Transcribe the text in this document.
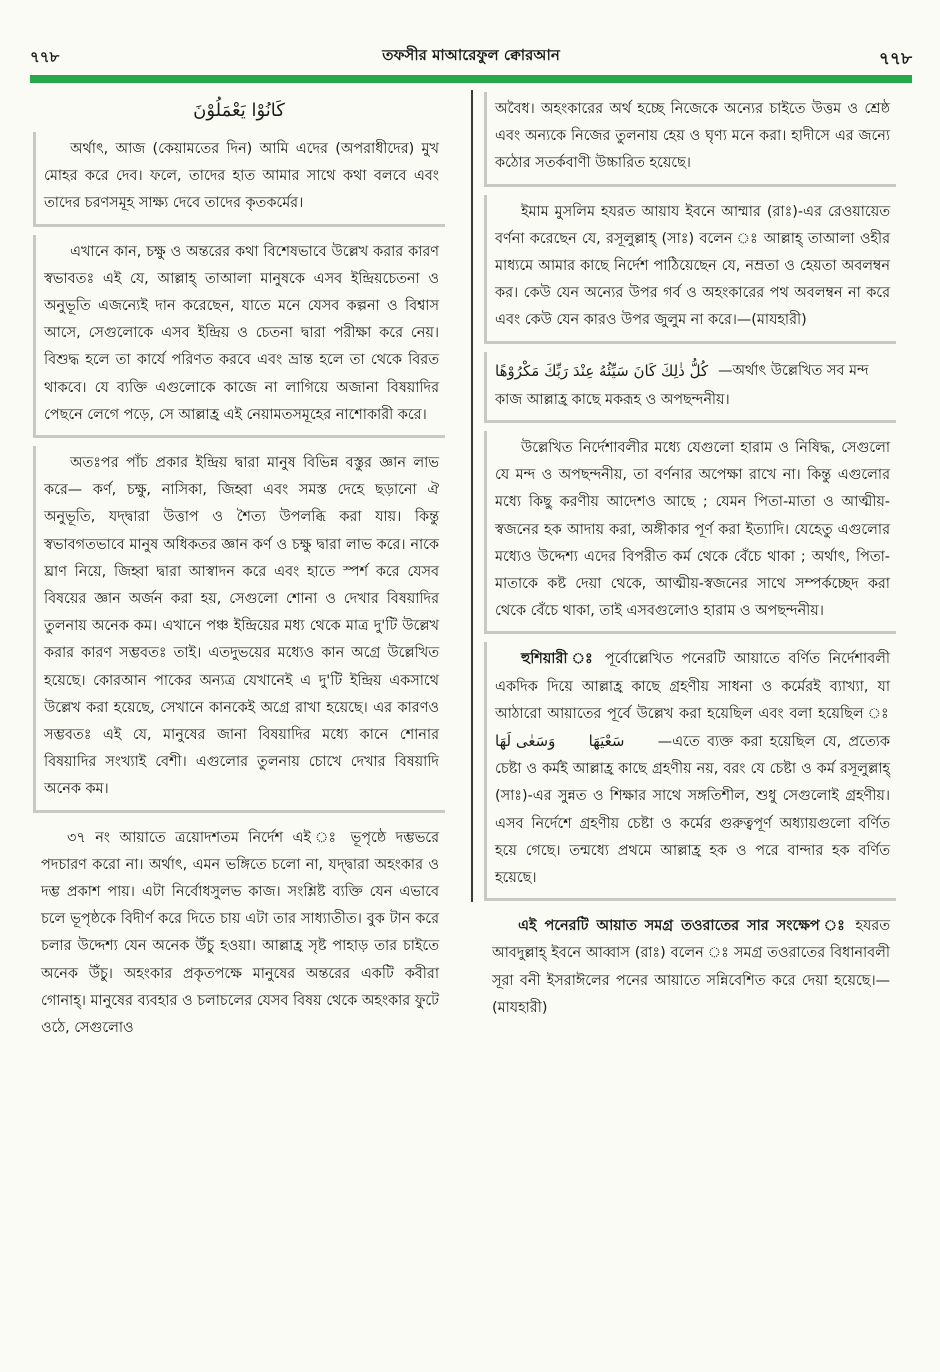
৭৭৮	তফসীর মাআরেফুল ক্বোরআন	৭৭৮
كَانُوْا يَعْمَلُوْنَ

অর্থাৎ, আজ (কেয়ামতের দিন) আমি এদের (অপরাধীদের) মুখ মোহর করে দেব। ফলে, তাদের হাত আমার সাথে কথা বলবে এবং তাদের চরণসমূহ সাক্ষ্য দেবে তাদের কৃতকর্মের।

এখানে কান, চক্ষু ও অন্তরের কথা বিশেষভাবে উল্লেখ করার কারণ স্বভাবতঃ এই যে, আল্লাহ্ তাআলা মানুষকে এসব ইন্দ্রিয়চেতনা ও অনুভূতি এজন্যেই দান করেছেন, যাতে মনে যেসব কল্পনা ও বিশ্বাস আসে, সেগুলোকে এসব ইন্দ্রিয় ও চেতনা দ্বারা পরীক্ষা করে নেয়। বিশুদ্ধ হলে তা কার্যে পরিণত করবে এবং ভ্রান্ত হলে তা থেকে বিরত থাকবে। যে ব্যক্তি এগুলোকে কাজে না লাগিয়ে অজানা বিষয়াদির পেছনে লেগে পড়ে, সে আল্লাহ্র এই নেয়ামতসমূহের নাশোকারী করে।

অতঃপর পাঁচ প্রকার ইন্দ্রিয় দ্বারা মানুষ বিভিন্ন বস্তুর জ্ঞান লাভ করে— কর্ণ, চক্ষু, নাসিকা, জিহ্বা এবং সমস্ত দেহে ছড়ানো ঐ অনুভূতি, যদ্দ্বারা উত্তাপ ও শৈত্য উপলব্ধি করা যায়। কিন্তু স্বভাবগতভাবে মানুষ অধিকতর জ্ঞান কর্ণ ও চক্ষু দ্বারা লাভ করে। নাকে ঘ্রাণ নিয়ে, জিহ্বা দ্বারা আস্বাদন করে এবং হাতে স্পর্শ করে যেসব বিষয়ের জ্ঞান অর্জন করা হয়, সেগুলো শোনা ও দেখার বিষয়াদির তুলনায় অনেক কম। এখানে পঞ্চ ইন্দ্রিয়ের মধ্য থেকে মাত্র দু'টি উল্লেখ করার কারণ সম্ভবতঃ তাই। এতদুভয়ের মধ্যেও কান অগ্রে উল্লেখিত হয়েছে। কোরআন পাকের অন্যত্র যেখানেই এ দু'টি ইন্দ্রিয় একসাথে উল্লেখ করা হয়েছে, সেখানে কানকেই অগ্রে রাখা হয়েছে। এর কারণও সম্ভবতঃ এই যে, মানুষের জানা বিষয়াদির মধ্যে কানে শোনার বিষয়াদির সংখ্যাই বেশী। এগুলোর তুলনায় চোখে দেখার বিষয়াদি অনেক কম।

৩৭ নং আয়াতে ত্রয়োদশতম নির্দেশ এই ঃ ভূপৃষ্ঠে দম্ভভরে পদচারণ করো না। অর্থাৎ, এমন ভঙ্গিতে চলো না, যদ্দ্বারা অহংকার ও দম্ভ প্রকাশ পায়। এটা নির্বোধসুলভ কাজ। সংশ্লিষ্ট ব্যক্তি যেন এভাবে চলে ভূপৃষ্ঠকে বিদীর্ণ করে দিতে চায় এটা তার সাধ্যাতীত। বুক টান করে চলার উদ্দেশ্য যেন অনেক উঁচু হওয়া। আল্লাহ্র সৃষ্ট পাহাড় তার চাইতে অনেক উঁচু। অহংকার প্রকৃতপক্ষে মানুষের অন্তরের একটি কবীরা গোনাহ্। মানুষের ব্যবহার ও চলাচলের যেসব বিষয় থেকে অহংকার ফুটে ওঠে, সেগুলোও

অবৈধ। অহংকারের অর্থ হচ্ছে নিজেকে অন্যের চাইতে উত্তম ও শ্রেষ্ঠ এবং অন্যকে নিজের তুলনায় হেয় ও ঘৃণ্য মনে করা। হাদীসে এর জন্যে কঠোর সতর্কবাণী উচ্চারিত হয়েছে।

ইমাম মুসলিম হযরত আয়ায ইবনে আম্মার (রাঃ)-এর রেওয়ায়েত বর্ণনা করেছেন যে, রসূলুল্লাহ্ (সাঃ) বলেন ঃ আল্লাহ্ তাআলা ওহীর মাধ্যমে আমার কাছে নির্দেশ পাঠিয়েছেন যে, নম্রতা ও হেয়তা অবলম্বন কর। কেউ যেন অন্যের উপর গর্ব ও অহংকারের পথ অবলম্বন না করে এবং কেউ যেন কারও উপর জুলুম না করে।—(মাযহারী)

كُلُّ ذٰلِكَ كَانَ سَيِّئُهُ عِنْدَ رَبِّكَ مَكْرُوْهًا —অর্থাৎ উল্লেখিত সব মন্দ

কাজ আল্লাহ্র কাছে মকরূহ ও অপছন্দনীয়।

উল্লেখিত নির্দেশাবলীর মধ্যে যেগুলো হারাম ও নিষিদ্ধ, সেগুলো যে মন্দ ও অপছন্দনীয়, তা বর্ণনার অপেক্ষা রাখে না। কিন্তু এগুলোর মধ্যে কিছু করণীয় আদেশও আছে ; যেমন পিতা-মাতা ও আত্মীয়-স্বজনের হক আদায় করা, অঙ্গীকার পূর্ণ করা ইত্যাদি। যেহেতু এগুলোর মধ্যেও উদ্দেশ্য এদের বিপরীত কর্ম থেকে বেঁচে থাকা ; অর্থাৎ, পিতা-মাতাকে কষ্ট দেয়া থেকে, আত্মীয়-স্বজনের সাথে সম্পর্কচ্ছেদ করা থেকে বেঁচে থাকা, তাই এসবগুলোও হারাম ও অপছন্দনীয়।

হুশিয়ারী ঃ পূর্বোল্লেখিত পনেরটি আয়াতে বর্ণিত নির্দেশাবলী একদিক দিয়ে আল্লাহ্র কাছে গ্রহণীয় সাধনা ও কর্মেরই ব্যাখ্যা, যা আঠারো আয়াতের পূর্বে উল্লেখ করা হয়েছিল এবং বলা হয়েছিল ঃ وَسَعٰى لَهَا سَعْيَهَا —এতে ব্যক্ত করা হয়েছিল যে, প্রত্যেক চেষ্টা ও কর্মই আল্লাহ্র কাছে গ্রহণীয় নয়, বরং যে চেষ্টা ও কর্ম রসূলুল্লাহ্ (সাঃ)-এর সুন্নত ও শিক্ষার সাথে সঙ্গতিশীল, শুধু সেগুলোই গ্রহণীয়। এসব নির্দেশে গ্রহণীয় চেষ্টা ও কর্মের গুরুত্বপূর্ণ অধ্যায়গুলো বর্ণিত হয়ে গেছে। তন্মধ্যে প্রথমে আল্লাহ্র হক ও পরে বান্দার হক বর্ণিত হয়েছে।

এই পনেরটি আয়াত সমগ্র তওরাতের সার সংক্ষেপ ঃ হযরত আবদুল্লাহ্ ইবনে আব্বাস (রাঃ) বলেন ঃ সমগ্র তওরাতের বিধানাবলী সূরা বনী ইসরাঈলের পনের আয়াতে সন্নিবেশিত করে দেয়া হয়েছে।—(মাযহারী)
